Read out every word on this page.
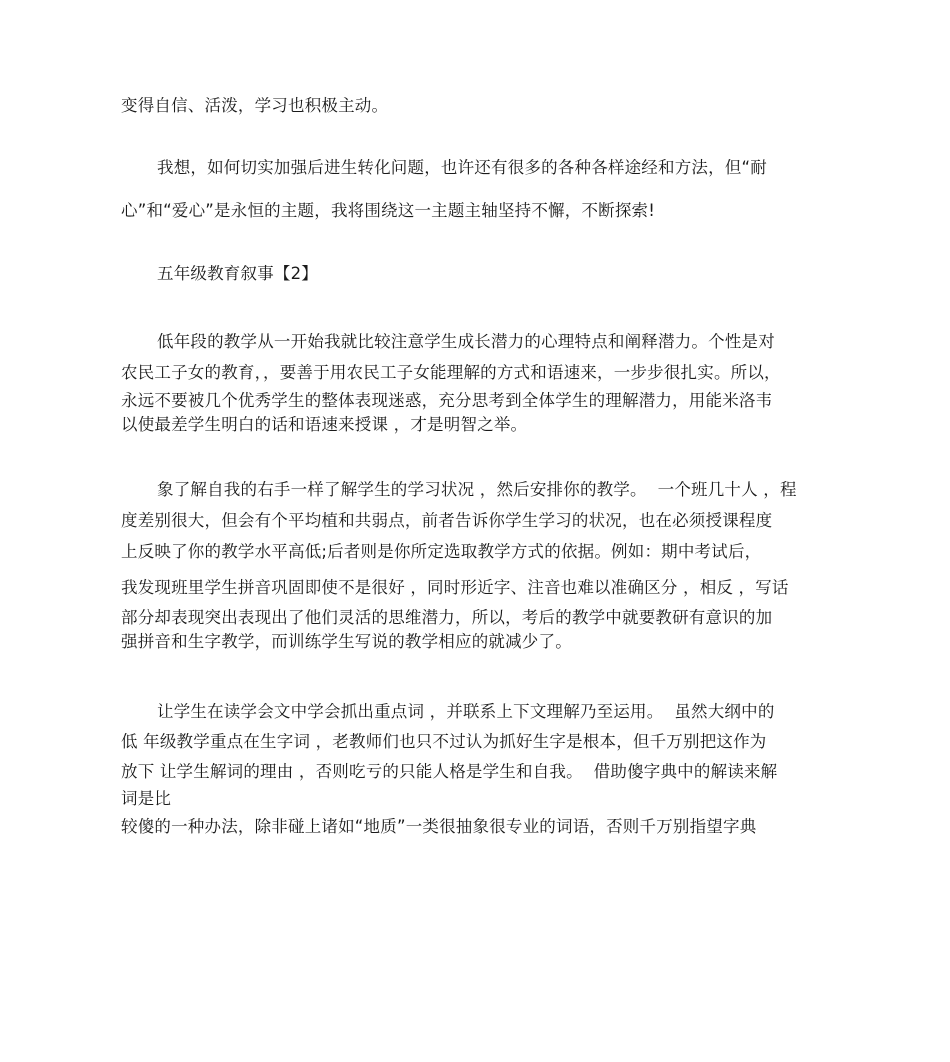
变得自信、活泼，学习也积极主动。
我想，如何切实加强后进生转化问题，也许还有很多的各种各样途经和方法，但“耐
心”和“爱心”是永恒的主题，我将围绕这一主题主轴坚持不懈，不断探索!
五年级教育叙事【2】
低年段的教学从一开始我就比较注意学生成长潜力的心理特点和阐释潜力。个性是对
农民工子女的教育，，要善于用农民工子女能理解的方式和语速来，一步步很扎实。所以，
永远不要被几个优秀学生的整体表现迷惑，充分思考到全体学生的理解潜力，用能米洛韦
以使最差学生明白的话和语速来授课 ，才是明智之举。
象了解自我的右手一样了解学生的学习状况 ，然后安排你的教学。  一个班几十人 ，程
度差别很大，但会有个平均植和共弱点，前者告诉你学生学习的状况，也在必须授课程度
上反映了你的教学水平高低;后者则是你所定选取教学方式的依据。例如：期中考试后，
我发现班里学生拼音巩固即使不是很好 ，同时形近字、注音也难以准确区分 ，相反 ，写话
部分却表现突出表现出了他们灵活的思维潜力，所以，考后的教学中就要教研有意识的加
强拼音和生字教学，而训练学生写说的教学相应的就减少了。
让学生在读学会文中学会抓出重点词 ，并联系上下文理解乃至运用。  虽然大纲中的
低 年级教学重点在生字词 ，老教师们也只不过认为抓好生字是根本，但千万别把这作为
放下 让学生解词的理由 ，否则吃亏的只能人格是学生和自我。  借助傻字典中的解读来解
词是比
较傻的一种办法，除非碰上诸如“地质”一类很抽象很专业的词语，否则千万别指望字典
